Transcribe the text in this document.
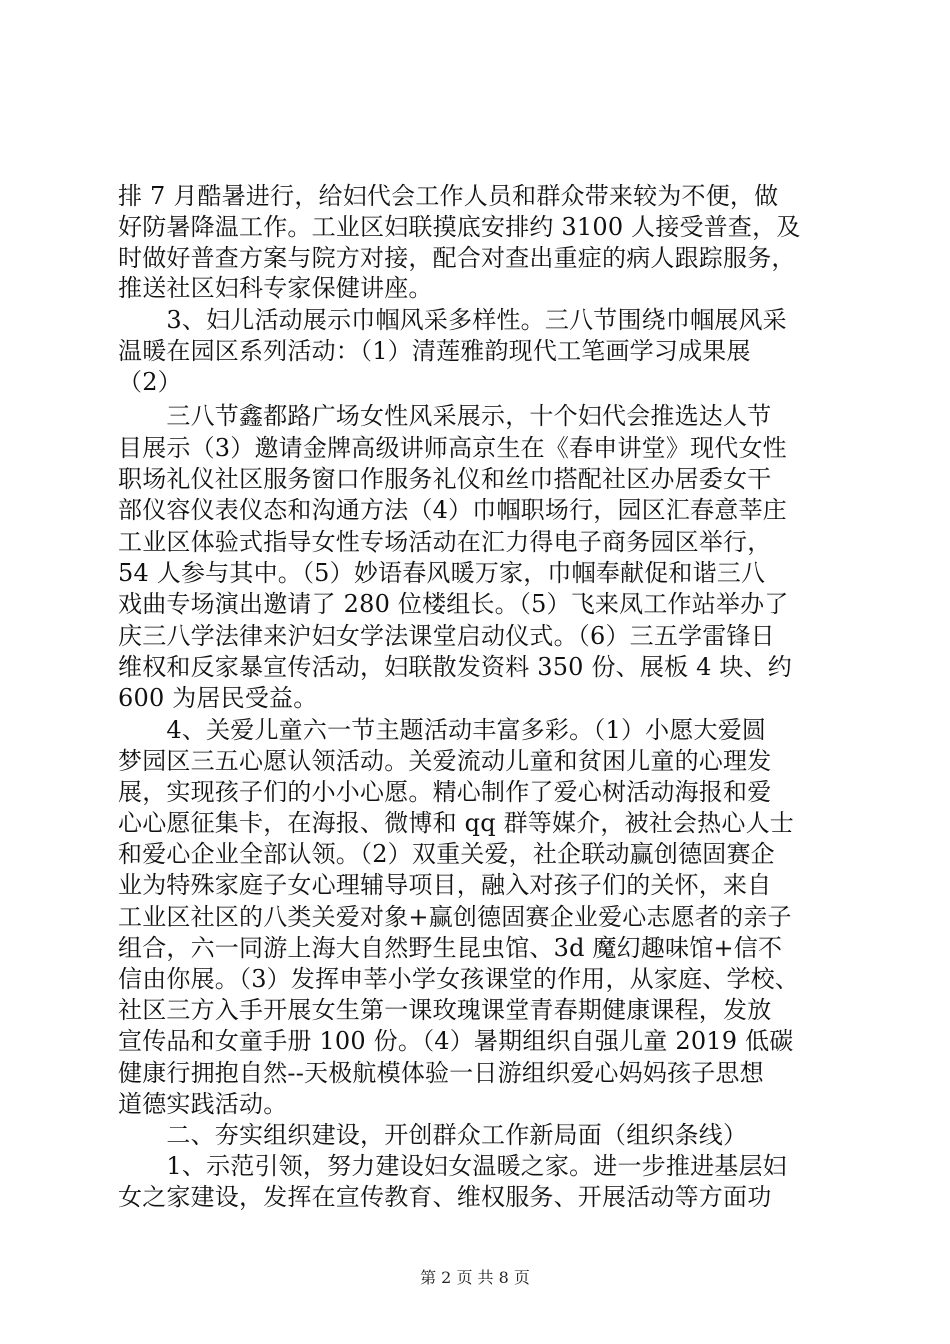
排 7 月酷暑进行，给妇代会工作人员和群众带来较为不便，做
好防暑降温工作。工业区妇联摸底安排约 3100 人接受普查，及
时做好普查方案与院方对接，配合对查出重症的病人跟踪服务，
推送社区妇科专家保健讲座。
　　3、妇儿活动展示巾帼风采多样性。三八节围绕巾帼展风采
温暖在园区系列活动：（1）清莲雅韵现代工笔画学习成果展
（2）
　　三八节鑫都路广场女性风采展示，十个妇代会推选达人节
目展示（3）邀请金牌高级讲师高京生在《春申讲堂》现代女性
职场礼仪社区服务窗口作服务礼仪和丝巾搭配社区办居委女干
部仪容仪表仪态和沟通方法（4）巾帼职场行，园区汇春意莘庄
工业区体验式指导女性专场活动在汇力得电子商务园区举行，
54 人参与其中。（5）妙语春风暖万家，巾帼奉献促和谐三八
戏曲专场演出邀请了 280 位楼组长。（5）飞来凤工作站举办了
庆三八学法律来沪妇女学法课堂启动仪式。（6）三五学雷锋日
维权和反家暴宣传活动，妇联散发资料 350 份、展板 4 块、约
600 为居民受益。
　　4、关爱儿童六一节主题活动丰富多彩。（1）小愿大爱圆
梦园区三五心愿认领活动。关爱流动儿童和贫困儿童的心理发
展，实现孩子们的小小心愿。精心制作了爱心树活动海报和爱
心心愿征集卡，在海报、微博和 qq 群等媒介，被社会热心人士
和爱心企业全部认领。（2）双重关爱，社企联动赢创德固赛企
业为特殊家庭子女心理辅导项目，融入对孩子们的关怀，来自
工业区社区的八类关爱对象+赢创德固赛企业爱心志愿者的亲子
组合，六一同游上海大自然野生昆虫馆、3d 魔幻趣味馆+信不
信由你展。（3）发挥申莘小学女孩课堂的作用，从家庭、学校、
社区三方入手开展女生第一课玫瑰课堂青春期健康课程，发放
宣传品和女童手册 100 份。（4）暑期组织自强儿童 2019 低碳
健康行拥抱自然--天极航模体验一日游组织爱心妈妈孩子思想
道德实践活动。
　　二、夯实组织建设，开创群众工作新局面（组织条线）
　　1、示范引领，努力建设妇女温暖之家。进一步推进基层妇
女之家建设，发挥在宣传教育、维权服务、开展活动等方面功
第 2 页 共 8 页
